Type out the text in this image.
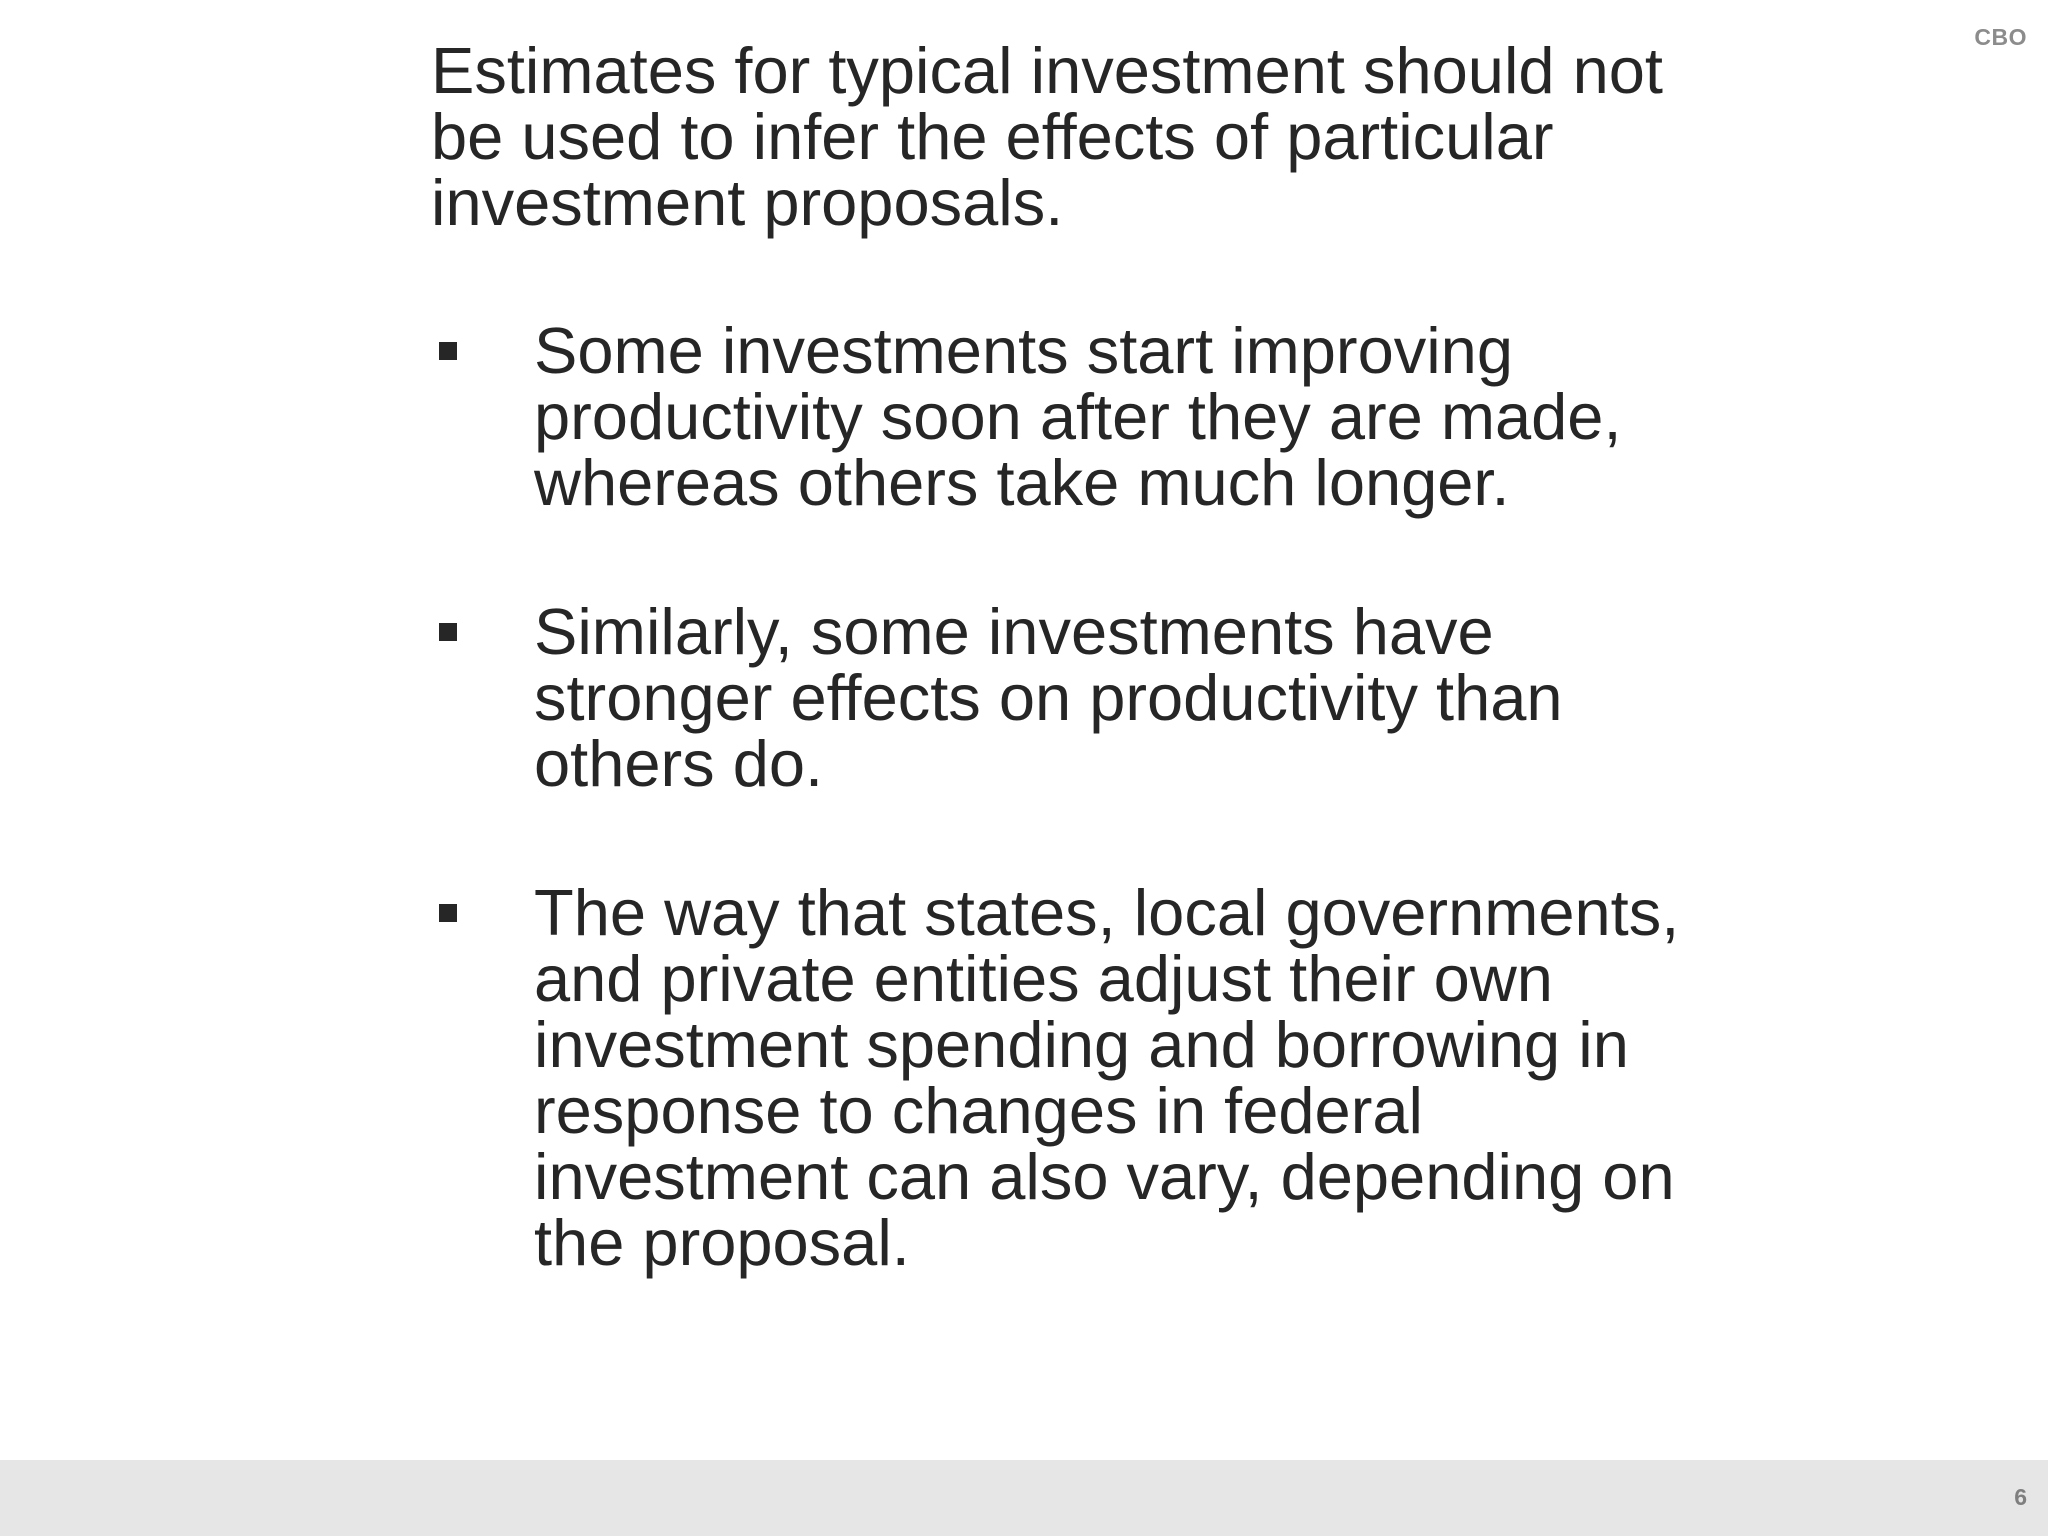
CBO
Estimates for typical investment should not be used to infer the effects of particular investment proposals.
Some investments start improving productivity soon after they are made, whereas others take much longer.
Similarly, some investments have stronger effects on productivity than others do.
The way that states, local governments, and private entities adjust their own investment spending and borrowing in response to changes in federal investment can also vary, depending on the proposal.
6
